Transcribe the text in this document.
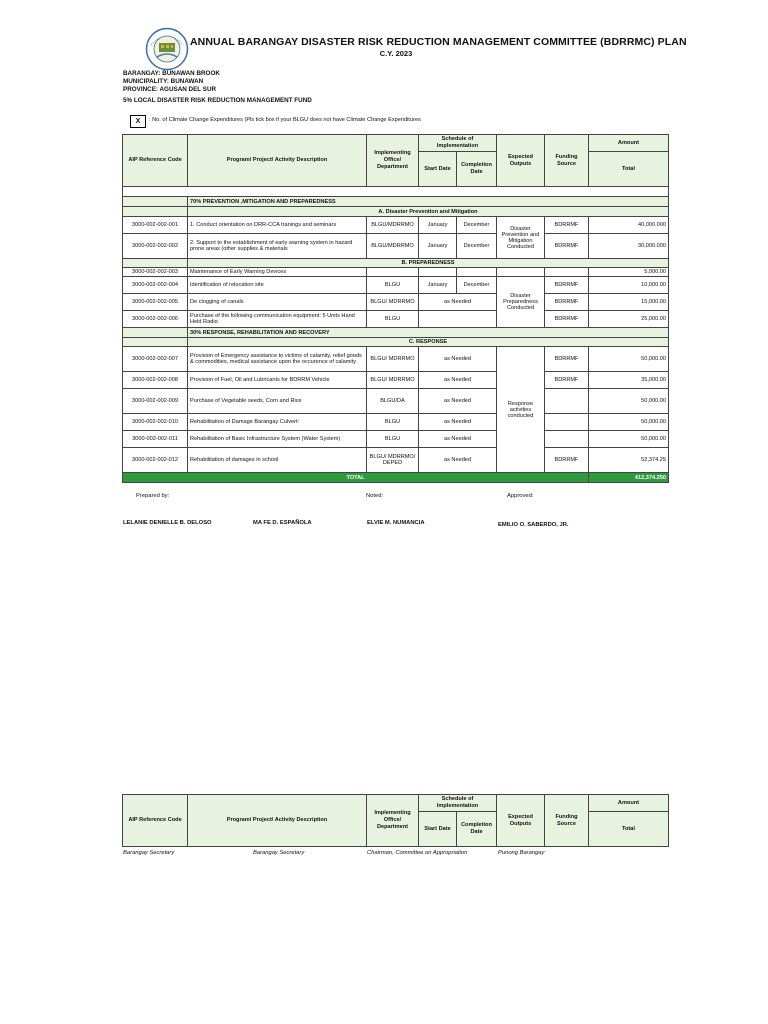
ANNUAL BARANGAY DISASTER RISK REDUCTION MANAGEMENT COMMITTEE (BDRRMC) PLAN
C.Y. 2023
BARANGAY: BUNAWAN BROOK
MUNICIPALITY: BUNAWAN
PROVINCE: AGUSAN DEL SUR
5% LOCAL DISASTER RISK REDUCTION MANAGEMENT FUND
X	: No. of Climate Change Expenditures (Pls tick box if your BLGU does not have Climate Change Expenditures
AIP Reference Code	Program/ Project/ Activity Description	Implementing Office/ Department	Schedule of Implementation		Expected Outputs	Funding Source	Amount
			Start Date	Completion Date			Total

	70% PREVENTION ,MITIGATION AND PREPAREDNESS						
	A. Disaster Prevention and Mitigation						
3000-002-002-001	1. Conduct orientation on DRR-CCA tranings and seminars	BLGU/MDRRMO	January	December	Disaster Prevention and Mitigation Conducted	BDRRMF	40,000.000
3000-002-002-002	2. Support to the establishment of early warning system in hazard prone areas (other supplies & materials	BLGU/MDRRMO	January	December		BDRRMF	30,000.000
	B. PREPAREDNESS						
3000-002-002-003	Maintenance of Early Warning Devices						5,000.00
3000-002-002-004	Identification of relocation site	BLGU	January	December	Disaster Preparedness Conducted	BDRRMF	10,000.00
3000-002-002-005	De clogging of canals	BLGU/ MDRRMO	as Needed			BDRRMF	15,000.00
3000-002-002-006	Purchase of the following communication equipment: 5 Units Hand Held Radio	BLGU				BDRRMF	25,000.00
	30% RESPONSE, REHABILITATION AND RECOVERY						
	C. RESPONSE						
3000-002-002-007	Provision of Emergency assistance to victims of calamity, relief goods & commodities, medical assistance upon the occurence of calamity	BLGU/ MDRRMO	as Needed		Response activities conducted	BDRRMF	50,000.00
3000-002-002-008	Provision of Fuel, Oil and Lubricants for BDRRM Vehicle	BLGU/ MDRRMO	as Needed			BDRRMF	35,000.00
3000-002-002-009	Purchase of Vegetable seeds, Corn and Rice	BLGU/DA	as Needed				50,000.00
3000-002-002-010	Rehabilitation of Damage Barangay Culvert:	BLGU	as Needed				50,000.00
3000-002-002-011	Rehabilitation of Basic Infrastructure System (Water System)	BLGU	as Needed				50,000.00
3000-002-002-012	Rehabilitation of damages in school	BLGU/ MDRRMO/ DEPED	as Needed			BDRRMF	52,374.25
TOTAL							412,374.250
Prepared by:	Noted:	Approved:
LELANIE DENIELLE B. DELOSO	MA FE D. ESPAÑOLA	ELVIE M. NUMANCIA	EMILIO O. SABERDO, JR.
AIP Reference Code	Program/ Project/ Activity Description	Implementing Office/ Department	Schedule of Implementation		Expected Outputs	Funding Source	Amount
			Start Date	Completion Date			Total
Barangay Secretary	Barangay Secretary	Chairman, Committee on Appropriation	Punong Barangay
